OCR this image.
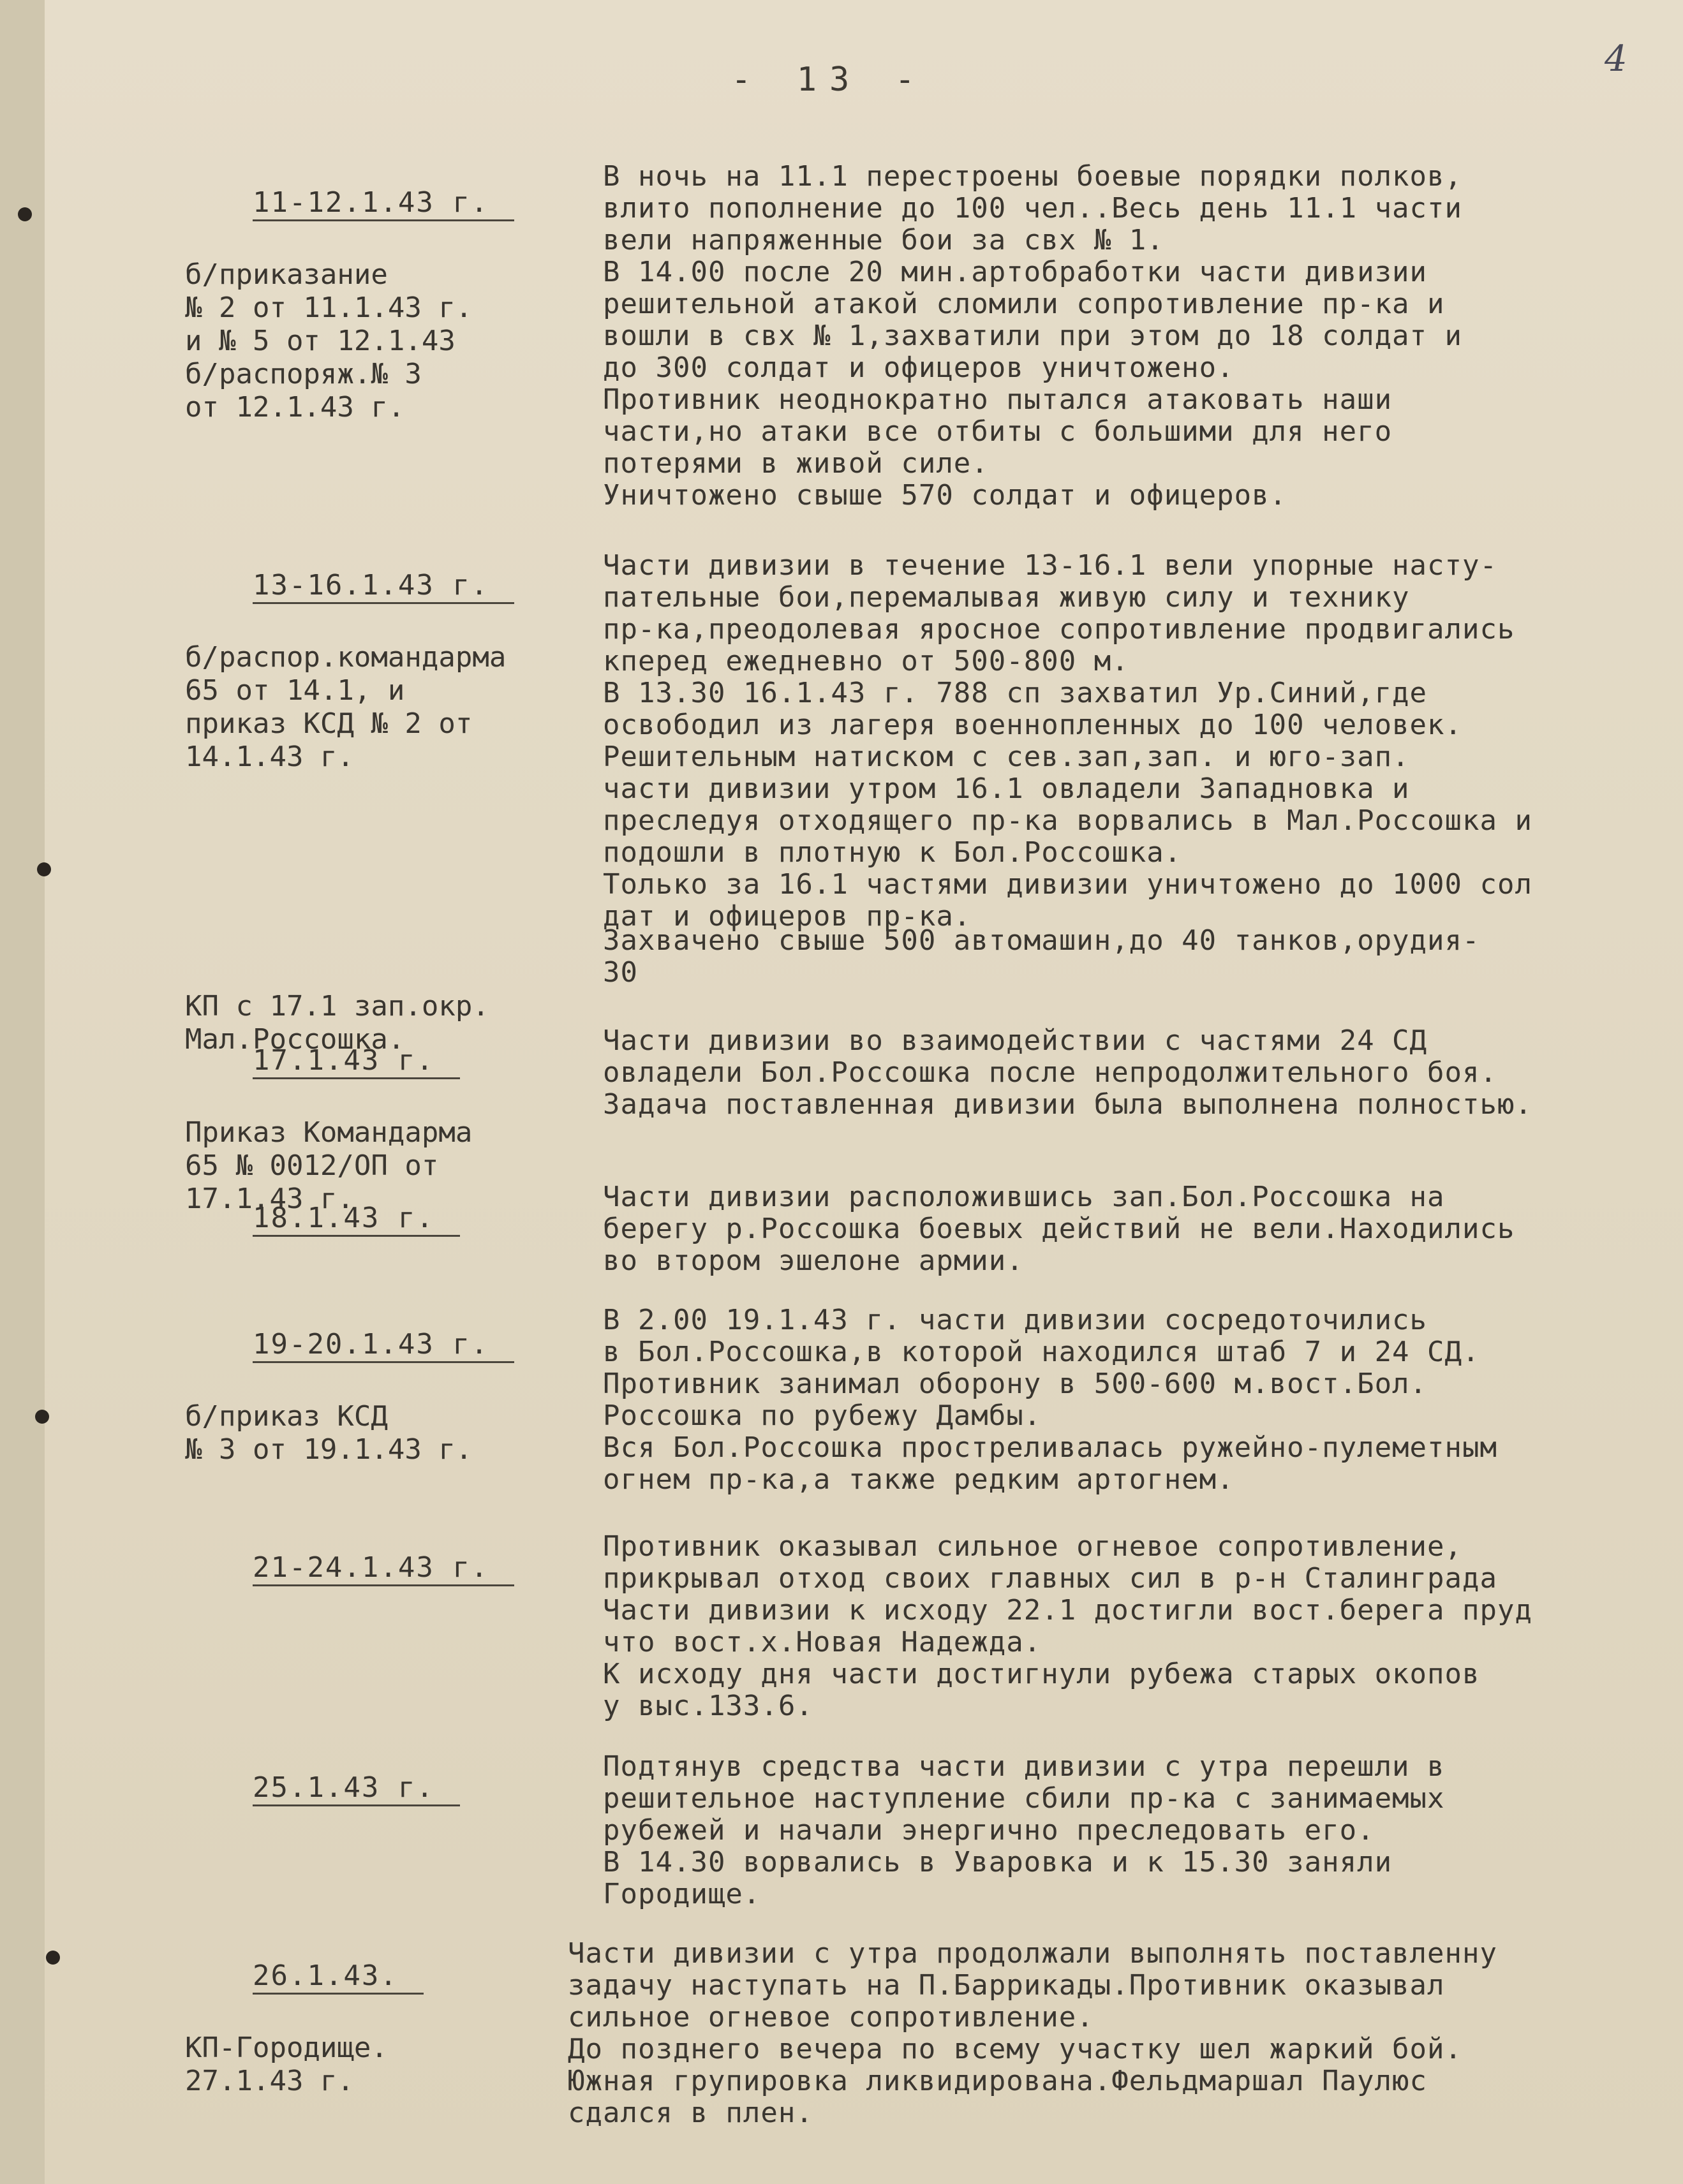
- 13 -	4

11-12.1.43 г.

б/приказание
№ 2 от 11.1.43 г.
и № 5 от 12.1.43
б/распоряж.№ 3
от 12.1.43 г.

В ночь на 11.1 перестроены боевые порядки полков,
влито пополнение до 100 чел..Весь день 11.1 части
вели напряженные бои за свх № 1.
В 14.00 после 20 мин.артобработки части дивизии
решительной атакой сломили сопротивление пр-ка и
вошли в свх № 1,захватили при этом до 18 солдат и
до 300 солдат и офицеров уничтожено.
Противник неоднократно пытался атаковать наши
части,но атаки все отбиты с большими для него
потерями в живой силе.
Уничтожено свыше 570 солдат и офицеров.

13-16.1.43 г.

б/распор.командарма
65 от 14.1, и
приказ КСД № 2 от
14.1.43 г.

Части дивизии в течение 13-16.1 вели упорные насту-
пательные бои,перемалывая живую силу и технику
пр-ка,преодолевая яросное сопротивление продвигались
кперед ежедневно от 500-800 м.
В 13.30 16.1.43 г. 788 сп захватил Ур.Синий,где
освободил из лагеря военнопленных до 100 человек.
Решительным натиском с сев.зап,зап. и юго-зап.
части дивизии утром 16.1 овладели Западновка и
преследуя отходящего пр-ка ворвались в Мал.Россошка и
подошли в плотную к Бол.Россошка.
Только за 16.1 частями дивизии уничтожено до 1000 сол
дат и офицеров пр-ка.

КП с 17.1 зап.окр.
Мал.Россошка.

Захвачено свыше 500 автомашин,до 40 танков,орудия-
30

17.1.43 г.

Приказ Командарма
65 № 0012/ОП от
17.1.43 г.

Части дивизии во взаимодействии с частями 24 СД
овладели Бол.Россошка после непродолжительного боя.
Задача поставленная дивизии была выполнена полностью.

18.1.43 г.

Части дивизии расположившись зап.Бол.Россошка на
берегу р.Россошка боевых действий не вели.Находились
во втором эшелоне армии.

19-20.1.43 г.

б/приказ КСД
№ 3 от 19.1.43 г.

В 2.00 19.1.43 г. части дивизии сосредоточились
в Бол.Россошка,в которой находился штаб 7 и 24 СД.
Противник занимал оборону в 500-600 м.вост.Бол.
Россошка по рубежу Дамбы.
Вся Бол.Россошка простреливалась ружейно-пулеметным
огнем пр-ка,а также редким артогнем.

21-24.1.43 г.

Противник оказывал сильное огневое сопротивление,
прикрывал отход своих главных сил в р-н Сталинграда
Части дивизии к исходу 22.1 достигли вост.берега пруд
что вост.х.Новая Надежда.
К исходу дня части достигнули рубежа старых окопов
у выс.133.6.

25.1.43 г.

Подтянув средства части дивизии с утра перешли в
решительное наступление сбили пр-ка с занимаемых
рубежей и начали энергично преследовать его.
В 14.30 ворвались в Уваровка и к 15.30 заняли
Городище.

26.1.43.

КП-Городище.
27.1.43 г.

Части дивизии с утра продолжали выполнять поставленну
задачу наступать на П.Баррикады.Противник оказывал
сильное огневое сопротивление.
До позднего вечера по всему участку шел жаркий бой.
Южная групировка ликвидирована.Фельдмаршал Паулюс
сдался в плен.
